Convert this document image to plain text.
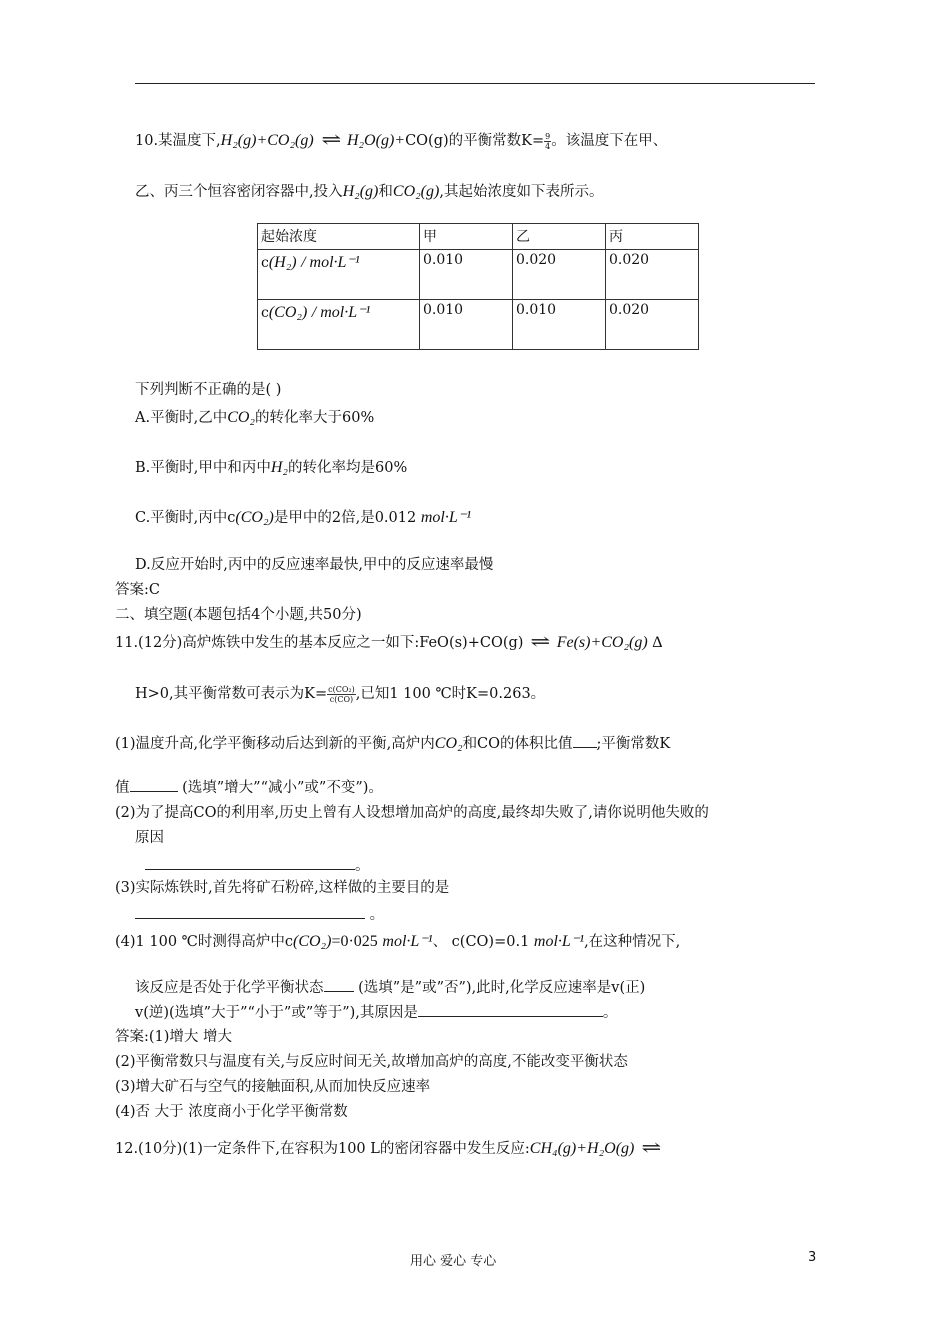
10.某温度下,H₂(g)+CO₂(g) ⇌ H₂O(g)+CO(g)的平衡常数$K= \frac{9}{4}$ 。该温度下在甲、
乙、丙三个恒容密闭容器中,投入H₂(g)和CO₂(g),其起始浓度如下表所示。
起始浓度	甲	乙	丙
c(H₂) / mol·L⁻¹	0.010	0.020	0.020
c(CO₂) / mol·L⁻¹	0.010	0.010	0.020
下列判断不正确的是( )
A.平衡时,乙中CO₂的转化率大于60%
B.平衡时,甲中和丙中H₂的转化率均是60%
C.平衡时,丙中c(CO₂)是甲中的2倍,是0.012 mol·L⁻¹
D.反应开始时,丙中的反应速率最快,甲中的反应速率最慢
答案:C
二、填空题(本题包括4个小题,共50分)
11.(12分)高炉炼铁中发生的基本反应之一如下:FeO(s)+CO(g) ⇌ Fe(s)+CO₂(g) Δ
H>0,其平衡常数可表示为$K= \frac{\text{c(CO₂)}}{c(CO)}$ ,已知1 100 ℃时K=0.263。
(1)温度升高,化学平衡移动后达到新的平衡,高炉内CO₂和CO的体积比值 ;平衡常数K
值	(选填”增大”“减小”或”不变”)。
(2)为了提高CO的利用率,历史上曾有人设想增加高炉的高度,最终却失败了,请你说明他失败的
原因
。
(3)实际炼铁时,首先将矿石粉碎,这样做的主要目的是
。
(4)1 100 ℃时测得高炉中c(CO₂)=0·025 mol·L⁻¹、 c(CO)=0.1 mol·L⁻¹,在这种情况下,
该反应是否处于化学平衡状态 (选填”是”或”否”),此时,化学反应速率是v(正)
v(逆)(选填”大于”“小于”或”等于”),其原因是	。
答案:(1)增大 增大
(2)平衡常数只与温度有关,与反应时间无关,故增加高炉的高度,不能改变平衡状态
(3)增大矿石与空气的接触面积,从而加快反应速率
(4)否 大于 浓度商小于化学平衡常数
12.(10分)(1)一定条件下,在容积为100 L的密闭容器中发生反应:CH₄(g)+H₂O(g) ⇌
用心 爱心 专心	3
